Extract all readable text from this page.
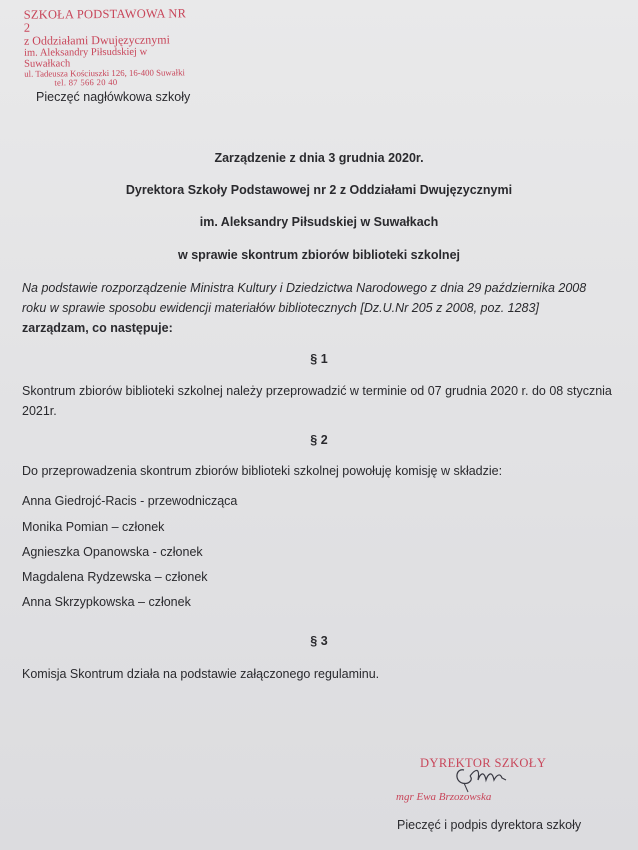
SZKOŁA PODSTAWOWA NR 2
z Oddziałami Dwujęzycznymi
im. Aleksandry Piłsudskiej w Suwałkach
ul. Tadeusza Kościuszki 126, 16-400 Suwałki
tel. 87 566 20 40
Pieczęć nagłówkowa szkoły
Zarządzenie z dnia 3 grudnia 2020r.
Dyrektora Szkoły Podstawowej nr 2 z Oddziałami Dwujęzycznymi
im. Aleksandry Piłsudskiej w Suwałkach
w sprawie skontrum zbiorów biblioteki szkolnej
Na podstawie rozporządzenie Ministra Kultury i Dziedzictwa Narodowego z dnia 29 października 2008 roku w sprawie sposobu ewidencji materiałów bibliotecznych [Dz.U.Nr 205 z 2008, poz. 1283]
zarządzam, co następuje:
§ 1
Skontrum zbiorów biblioteki szkolnej należy przeprowadzić w terminie od 07 grudnia 2020 r. do 08 stycznia 2021r.
§ 2
Do przeprowadzenia skontrum zbiorów biblioteki szkolnej powołuję komisję w składzie:
Anna Giedrojć-Racis - przewodnicząca
Monika Pomian – członek
Agnieszka Opanowska - członek
Magdalena Rydzewska – członek
Anna Skrzypkowska – członek
§ 3
Komisja Skontrum działa na podstawie załączonego regulaminu.
DYREKTOR SZKOŁY
mgr Ewa Brzozowska
Pieczęć i podpis dyrektora szkoły
